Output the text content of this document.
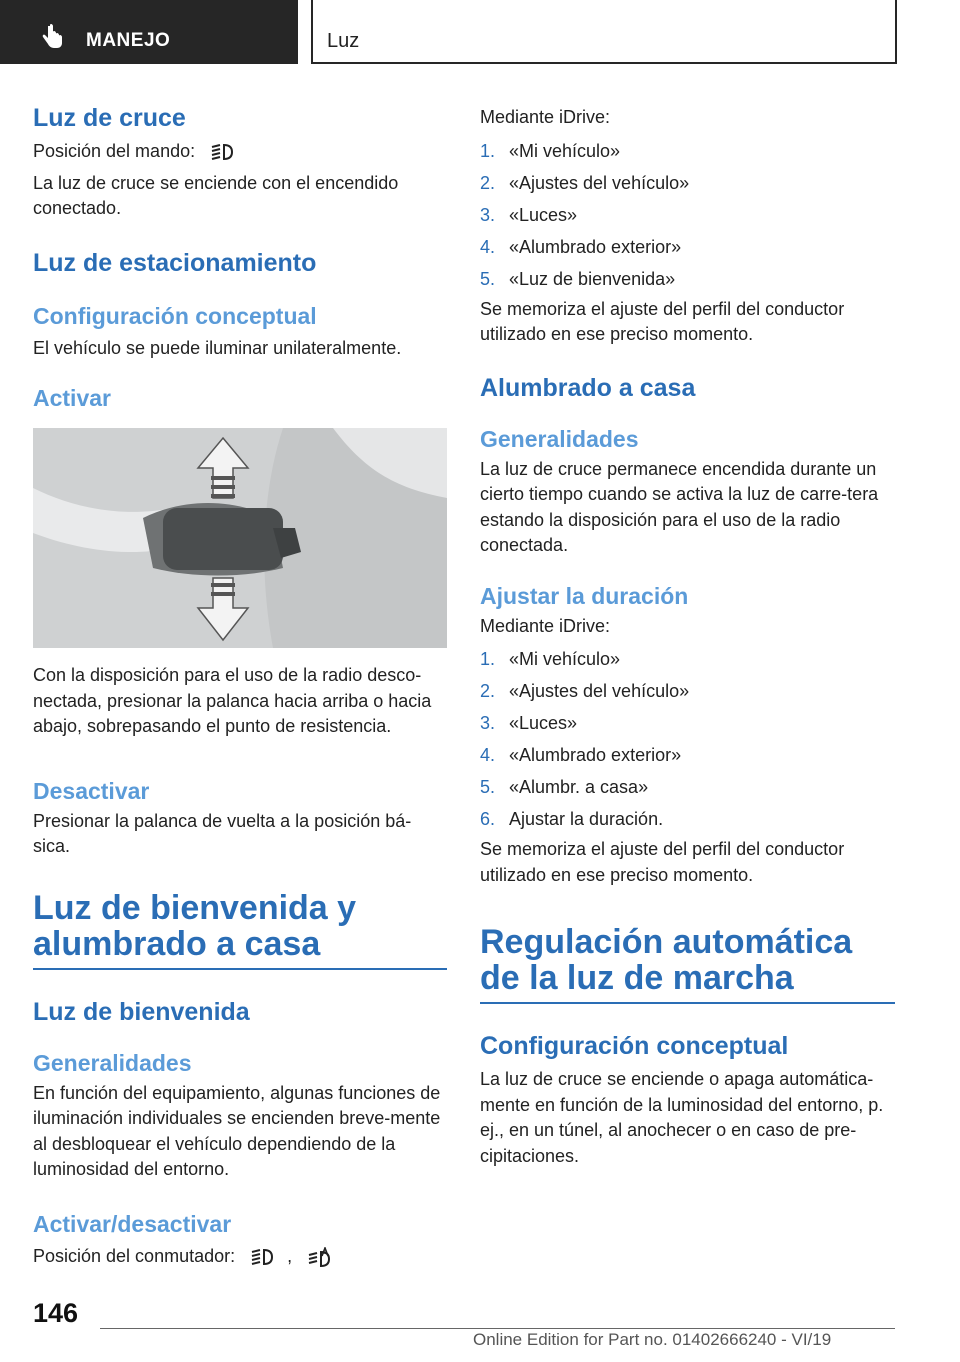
MANEJO	Luz
Luz de cruce

Posición del mando:

La luz de cruce se enciende con el encendido conectado.

Luz de estacionamiento
Configuración conceptual

El vehículo se puede iluminar unilateralmente.

Activar

Con la disposición para el uso de la radio desco-nectada, presionar la palanca hacia arriba o hacia abajo, sobrepasando el punto de resistencia.

Desactivar

Presionar la palanca de vuelta a la posición bá-sica.

Luz de bienvenida y alumbrado a casa
Luz de bienvenida
Generalidades

En función del equipamiento, algunas funciones de iluminación individuales se encienden breve-mente al desbloquear el vehículo dependiendo de la luminosidad del entorno.

Activar/desactivar

Posición del conmutador:	,

Mediante iDrive:

1. «Mi vehículo»
2. «Ajustes del vehículo»
3. «Luces»
4. «Alumbrado exterior»
5. «Luz de bienvenida»

Se memoriza el ajuste del perfil del conductor utilizado en ese preciso momento.

Alumbrado a casa
Generalidades

La luz de cruce permanece encendida durante un cierto tiempo cuando se activa la luz de carre-tera estando la disposición para el uso de la radio conectada.

Ajustar la duración

Mediante iDrive:

1. «Mi vehículo»
2. «Ajustes del vehículo»
3. «Luces»
4. «Alumbrado exterior»
5. «Alumbr. a casa»
6. Ajustar la duración.

Se memoriza el ajuste del perfil del conductor utilizado en ese preciso momento.

Regulación automática de la luz de marcha
Configuración conceptual

La luz de cruce se enciende o apaga automática-mente en función de la luminosidad del entorno, p. ej., en un túnel, al anochecer o en caso de pre-cipitaciones.

146
Online Edition for Part no. 01402666240 - VI/19
